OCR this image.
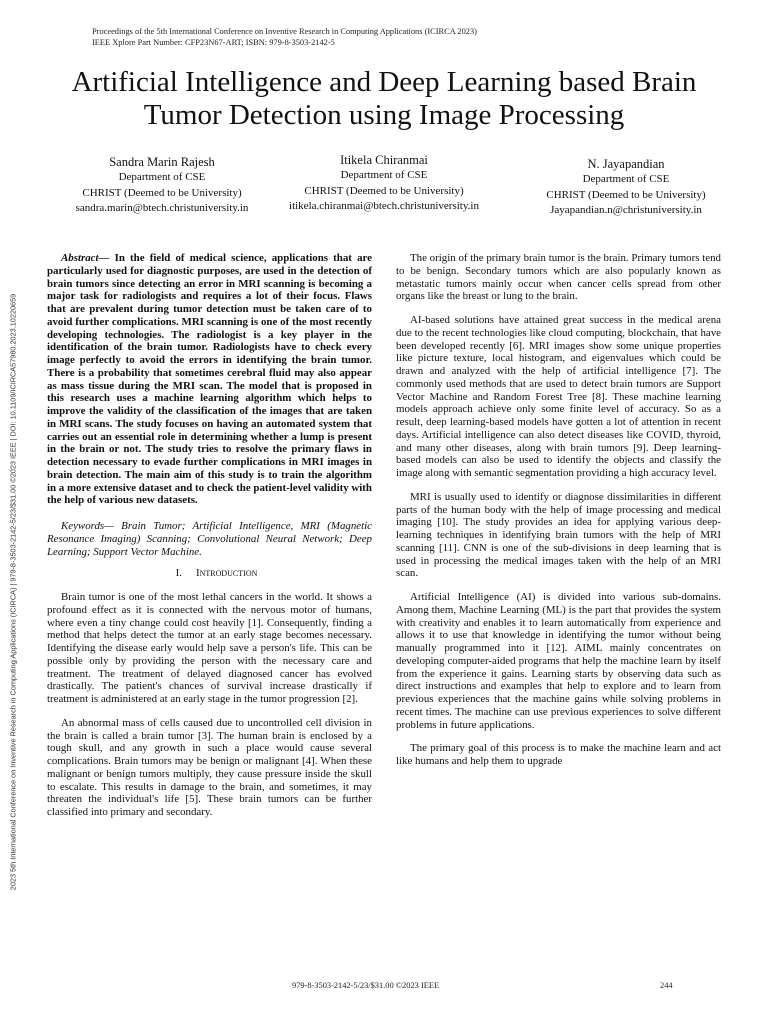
Proceedings of the 5th International Conference on Inventive Research in Computing Applications (ICIRCA 2023)
IEEE Xplore Part Number: CFP23N67-ART; ISBN: 979-8-3503-2142-5
Artificial Intelligence and Deep Learning based Brain
Tumor Detection using Image Processing
Sandra Marin Rajesh
Department of CSE
CHRIST (Deemed to be University)
sandra.marin@btech.christuniversity.in
Itikela Chiranmai
Department of CSE
CHRIST (Deemed to be University)
itikela.chiranmai@btech.christuniversity.in
N. Jayapandian
Department of CSE
CHRIST (Deemed to be University)
Jayapandian.n@christuniversity.in
2023 5th International Conference on Inventive Research in Computing Applications (ICIRCA) | 979-8-3503-2142-5/23/$31.00 ©2023 IEEE | DOI: 10.1109/ICIRCA57980.2023.10220659

Abstract— In the field of medical science, applications that are particularly used for diagnostic purposes, are used in the detection of brain tumors since detecting an error in MRI scanning is becoming a major task for radiologists and requires a lot of their focus. Flaws that are prevalent during tumor detection must be taken care of to avoid further complications. MRI scanning is one of the most recently developing technologies. The radiologist is a key player in the identification of the brain tumor. Radiologists have to check every image perfectly to avoid the errors in identifying the brain tumor. There is a probability that sometimes cerebral fluid may also appear as mass tissue during the MRI scan. The model that is proposed in this research uses a machine learning algorithm which helps to improve the validity of the classification of the images that are taken in MRI scans. The study focuses on having an automated system that carries out an essential role in determining whether a lump is present in the brain or not. The study tries to resolve the primary flaws in detection necessary to evade further complications in MRI images in brain detection. The main aim of this study is to train the algorithm in a more extensive dataset and to check the patient-level validity with the help of various new datasets.

Keywords— Brain Tumor; Artificial Intelligence, MRI (Magnetic Resonance Imaging) Scanning; Convolutional Neural Network; Deep Learning; Support Vector Machine.

I. Introduction

Brain tumor is one of the most lethal cancers in the world. It shows a profound effect as it is connected with the nervous motor of humans, where even a tiny change could cost heavily [1]. Consequently, finding a method that helps detect the tumor at an early stage becomes necessary. Identifying the disease early would help save a person's life. This can be possible only by providing the person with the necessary care and treatment. The treatment of delayed diagnosed cancer has evolved drastically. The patient's chances of survival increase drastically if treatment is administered at an early stage in the tumor progression [2].

An abnormal mass of cells caused due to uncontrolled cell division in the brain is called a brain tumor [3]. The human brain is enclosed by a tough skull, and any growth in such a place would cause several complications. Brain tumors may be benign or malignant [4]. When these malignant or benign tumors multiply, they cause pressure inside the skull to escalate. This results in damage to the brain, and sometimes, it may threaten the individual's life [5]. These brain tumors can be further classified into primary and secondary.

The origin of the primary brain tumor is the brain. Primary tumors tend to be benign. Secondary tumors which are also popularly known as metastatic tumors mainly occur when cancer cells spread from other organs like the breast or lung to the brain.

AI-based solutions have attained great success in the medical arena due to the recent technologies like cloud computing, blockchain, that have been developed recently [6]. MRI images show some unique properties like picture texture, local histogram, and eigenvalues which could be drawn and analyzed with the help of artificial intelligence [7]. The commonly used methods that are used to detect brain tumors are Support Vector Machine and Random Forest Tree [8]. These machine learning models approach achieve only some finite level of accuracy. So as a result, deep learning-based models have gotten a lot of attention in recent days. Artificial intelligence can also detect diseases like COVID, thyroid, and many other diseases, along with brain tumors [9]. Deep learning-based models can also be used to identify the objects and classify the image along with semantic segmentation providing a high accuracy level.

MRI is usually used to identify or diagnose dissimilarities in different parts of the human body with the help of image processing and medical imaging [10]. The study provides an idea for applying various deep-learning techniques in identifying brain tumors with the help of MRI scanning [11]. CNN is one of the sub-divisions in deep learning that is used in processing the medical images taken with the help of an MRI scan.

Artificial Intelligence (AI) is divided into various sub-domains. Among them, Machine Learning (ML) is the part that provides the system with creativity and enables it to learn automatically from experience and allows it to use that knowledge in identifying the tumor without being manually programmed into it [12]. AIML mainly concentrates on developing computer-aided programs that help the machine learn by itself from the experience it gains. Learning starts by observing data such as direct instructions and examples that help to explore and to learn from previous experiences that the machine gains while solving problems in recent times. The machine can use previous experiences to solve different problems in future applications.

The primary goal of this process is to make the machine learn and act like humans and help them to upgrade

979-8-3503-2142-5/23/$31.00 ©2023 IEEE	244
